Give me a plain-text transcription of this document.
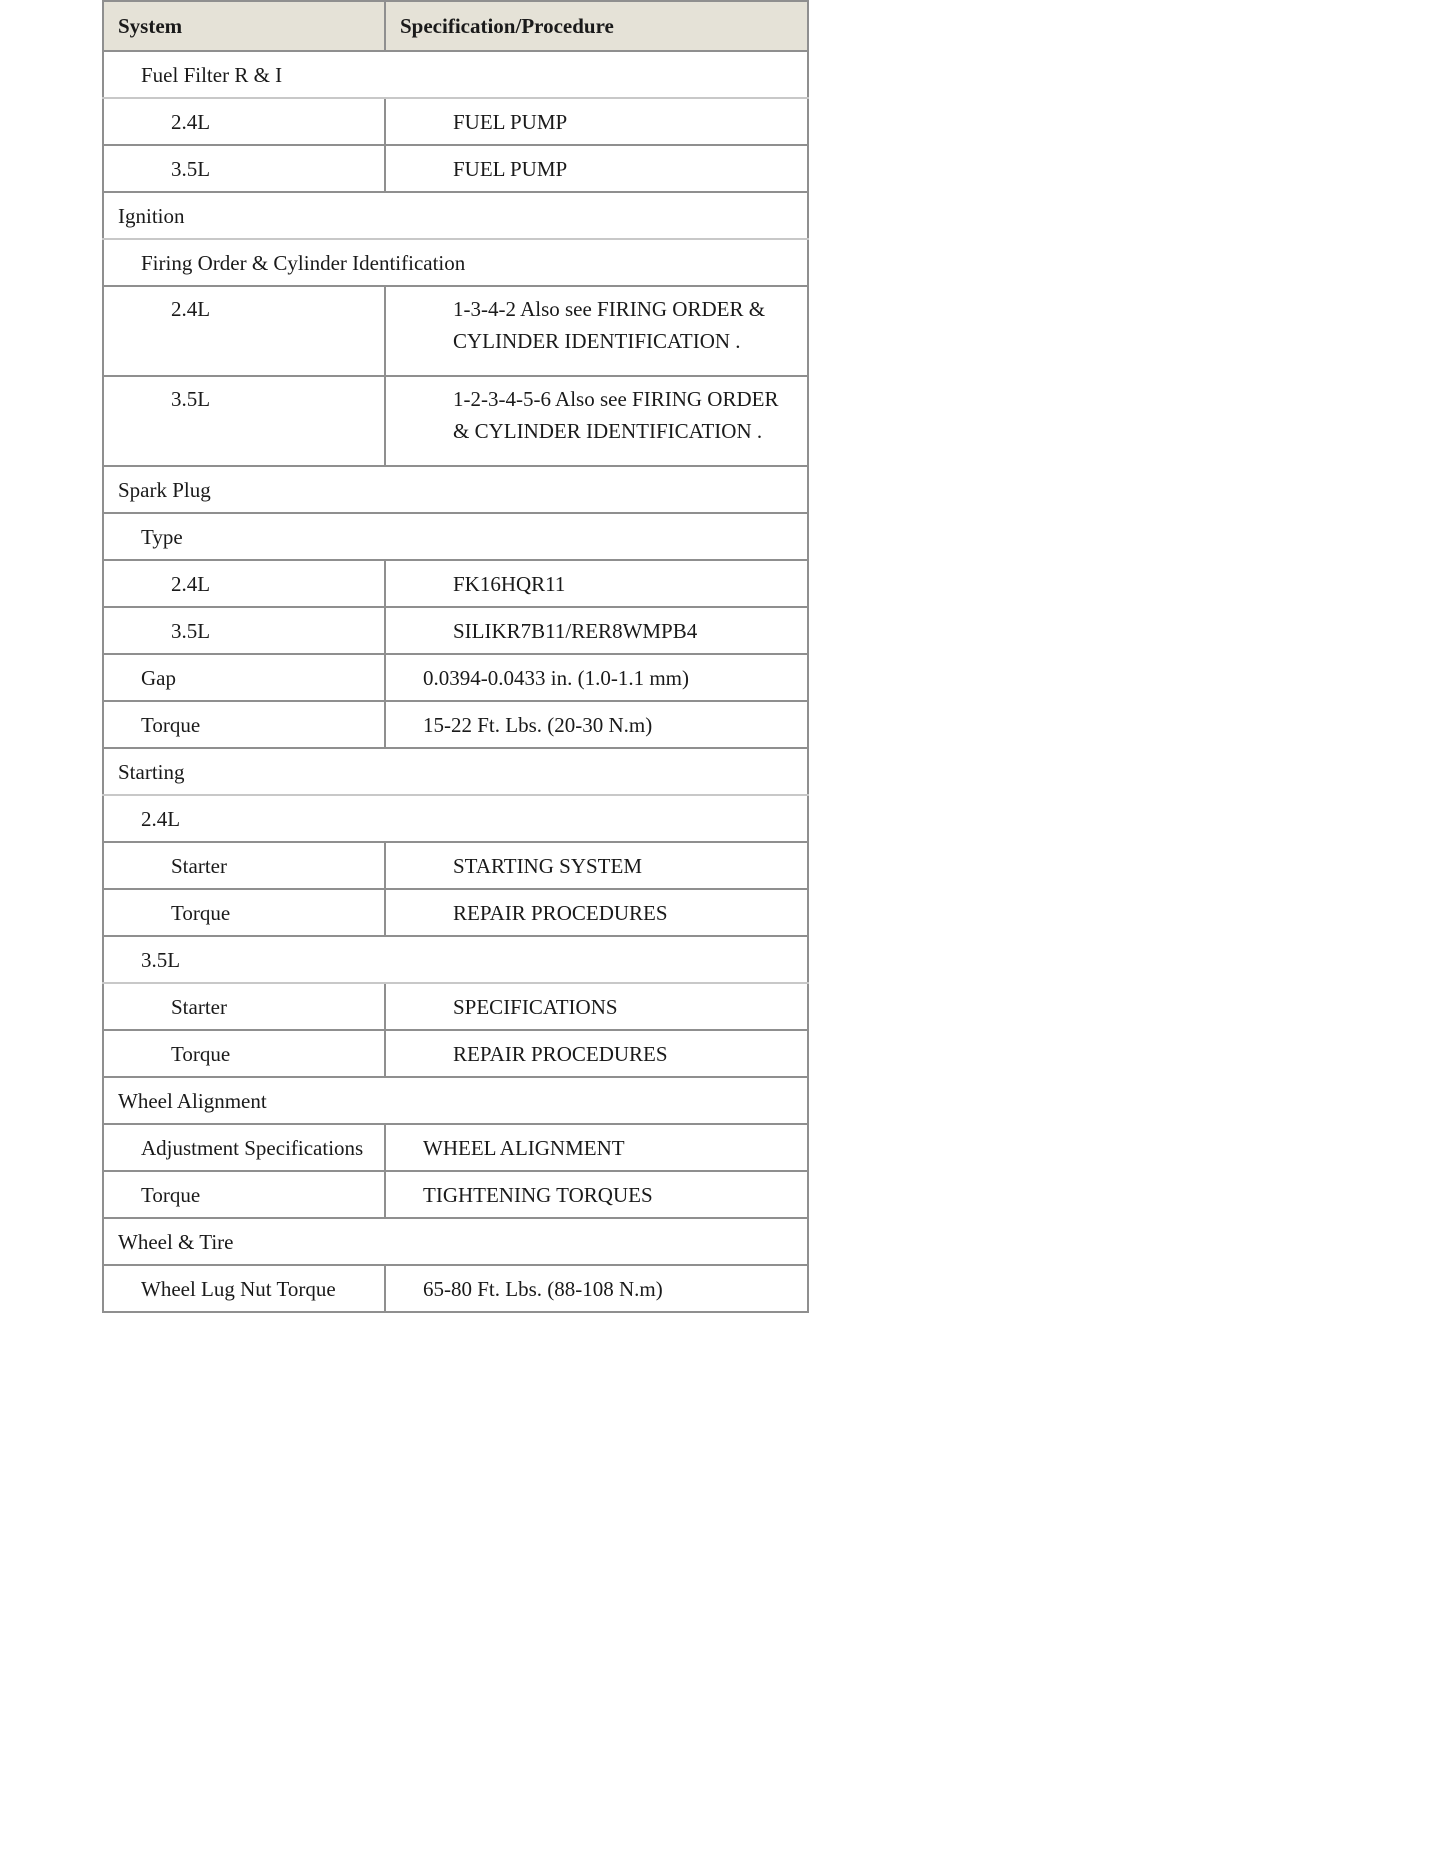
System	Specification/Procedure
Fuel Filter R & I	
2.4L	FUEL PUMP
3.5L	FUEL PUMP
Ignition	
Firing Order & Cylinder Identification	
2.4L	1-3-4-2 Also see FIRING ORDER & CYLINDER IDENTIFICATION .
3.5L	1-2-3-4-5-6 Also see FIRING ORDER & CYLINDER IDENTIFICATION .
Spark Plug	
Type	
2.4L	FK16HQR11
3.5L	SILIKR7B11/RER8WMPB4
Gap	0.0394-0.0433 in. (1.0-1.1 mm)
Torque	15-22 Ft. Lbs. (20-30 N.m)
Starting	
2.4L	
Starter	STARTING SYSTEM
Torque	REPAIR PROCEDURES
3.5L	
Starter	SPECIFICATIONS
Torque	REPAIR PROCEDURES
Wheel Alignment	
Adjustment Specifications	WHEEL ALIGNMENT
Torque	TIGHTENING TORQUES
Wheel & Tire	
Wheel Lug Nut Torque	65-80 Ft. Lbs. (88-108 N.m)
